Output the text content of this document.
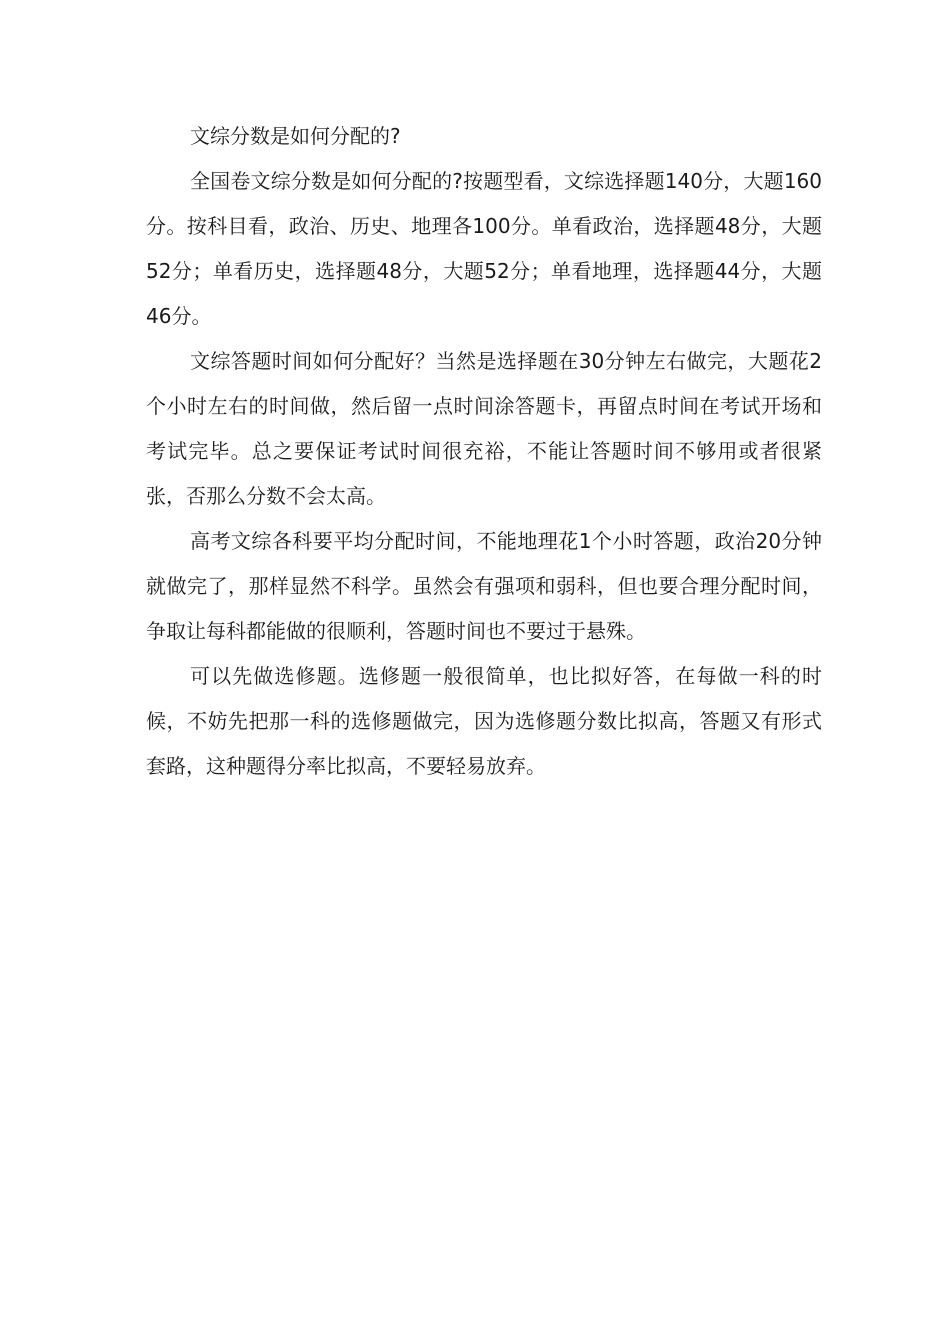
文综分数是如何分配的?

全国卷文综分数是如何分配的?按题型看，文综选择题140分，大题160分。按科目看，政治、历史、地理各100分。单看政治，选择题48分，大题52分；单看历史，选择题48分，大题52分；单看地理，选择题44分，大题46分。

文综答题时间如何分配好？当然是选择题在30分钟左右做完，大题花2个小时左右的时间做，然后留一点时间涂答题卡，再留点时间在考试开场和考试完毕。总之要保证考试时间很充裕，不能让答题时间不够用或者很紧张，否那么分数不会太高。

高考文综各科要平均分配时间，不能地理花1个小时答题，政治20分钟就做完了，那样显然不科学。虽然会有强项和弱科，但也要合理分配时间，争取让每科都能做的很顺利，答题时间也不要过于悬殊。

可以先做选修题。选修题一般很简单，也比拟好答，在每做一科的时候，不妨先把那一科的选修题做完，因为选修题分数比拟高，答题又有形式套路，这种题得分率比拟高，不要轻易放弃。
